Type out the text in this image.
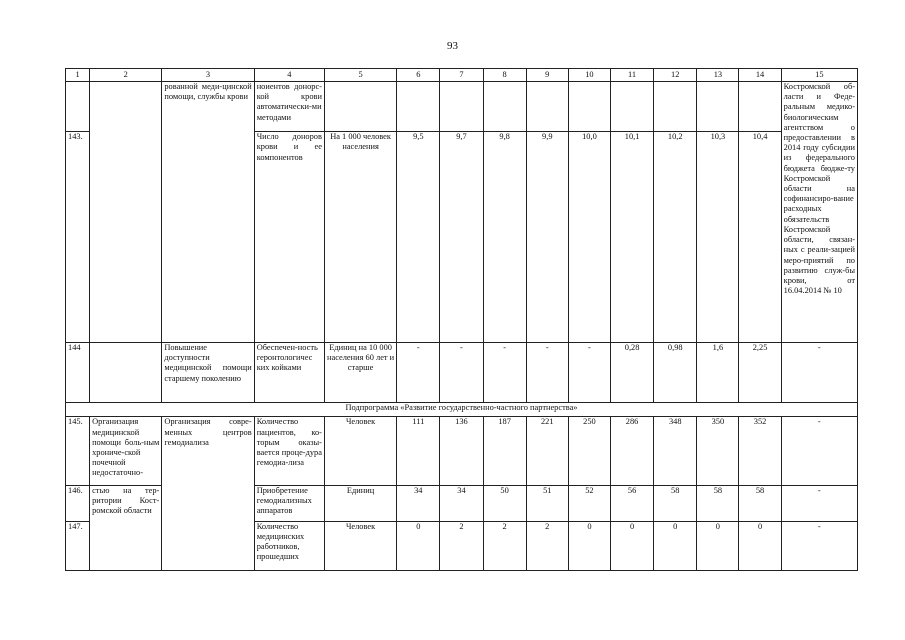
93
1	2	3	4	5	6	7	8	9	10	11	12	13	14	15
		рованной меди-цинской помощи, службы крови	ноиентов донорс-кой крови автоматически-ми методами											Костромской об-ласти и Феде-ральным медико-биологическим агентством о предоставлении в 2014 году субсидии из федерального бюджета бюдже-ту Костромской области на софинансиро-вание расходных обязательств Костромской области, связан-ных с реали-зацией меро-приятий по развитию служ-бы крови, от 16.04.2014 № 10
143.			Число доноров крови и ее компонентов	На 1 000 человек населения	9,5	9,7	9,8	9,9	10,0	10,1	10,2	10,3	10,4	
144		Повышение доступности медицинской помощи старшему поколению	Обеспечен-ность геронтологичес ких койками	Единиц на 10 000 населения 60 лет и старше	-	-	-	-	-	0,28	0,98	1,6	2,25	-
Подпрограмма «Развитие государственно-частного партнерства»														
145.	Организация медицинской помощи боль-ным хрониче-ской почечной недостаточно-	Организация совре-менных центров гемодиализа	Количество пациентов, ко-торым оказы-вается проце-дура гемодиа-лиза	Человек	111	136	187	221	250	286	348	350	352	-
146.	стью на тер-ритории Кост-ромской области		Приобретение гемодиализных аппаратов	Единиц	34	34	50	51	52	56	58	58	58	-
147.			Количество медицинских работников, прошедших	Человек	0	2	2	2	0	0	0	0	0	-
